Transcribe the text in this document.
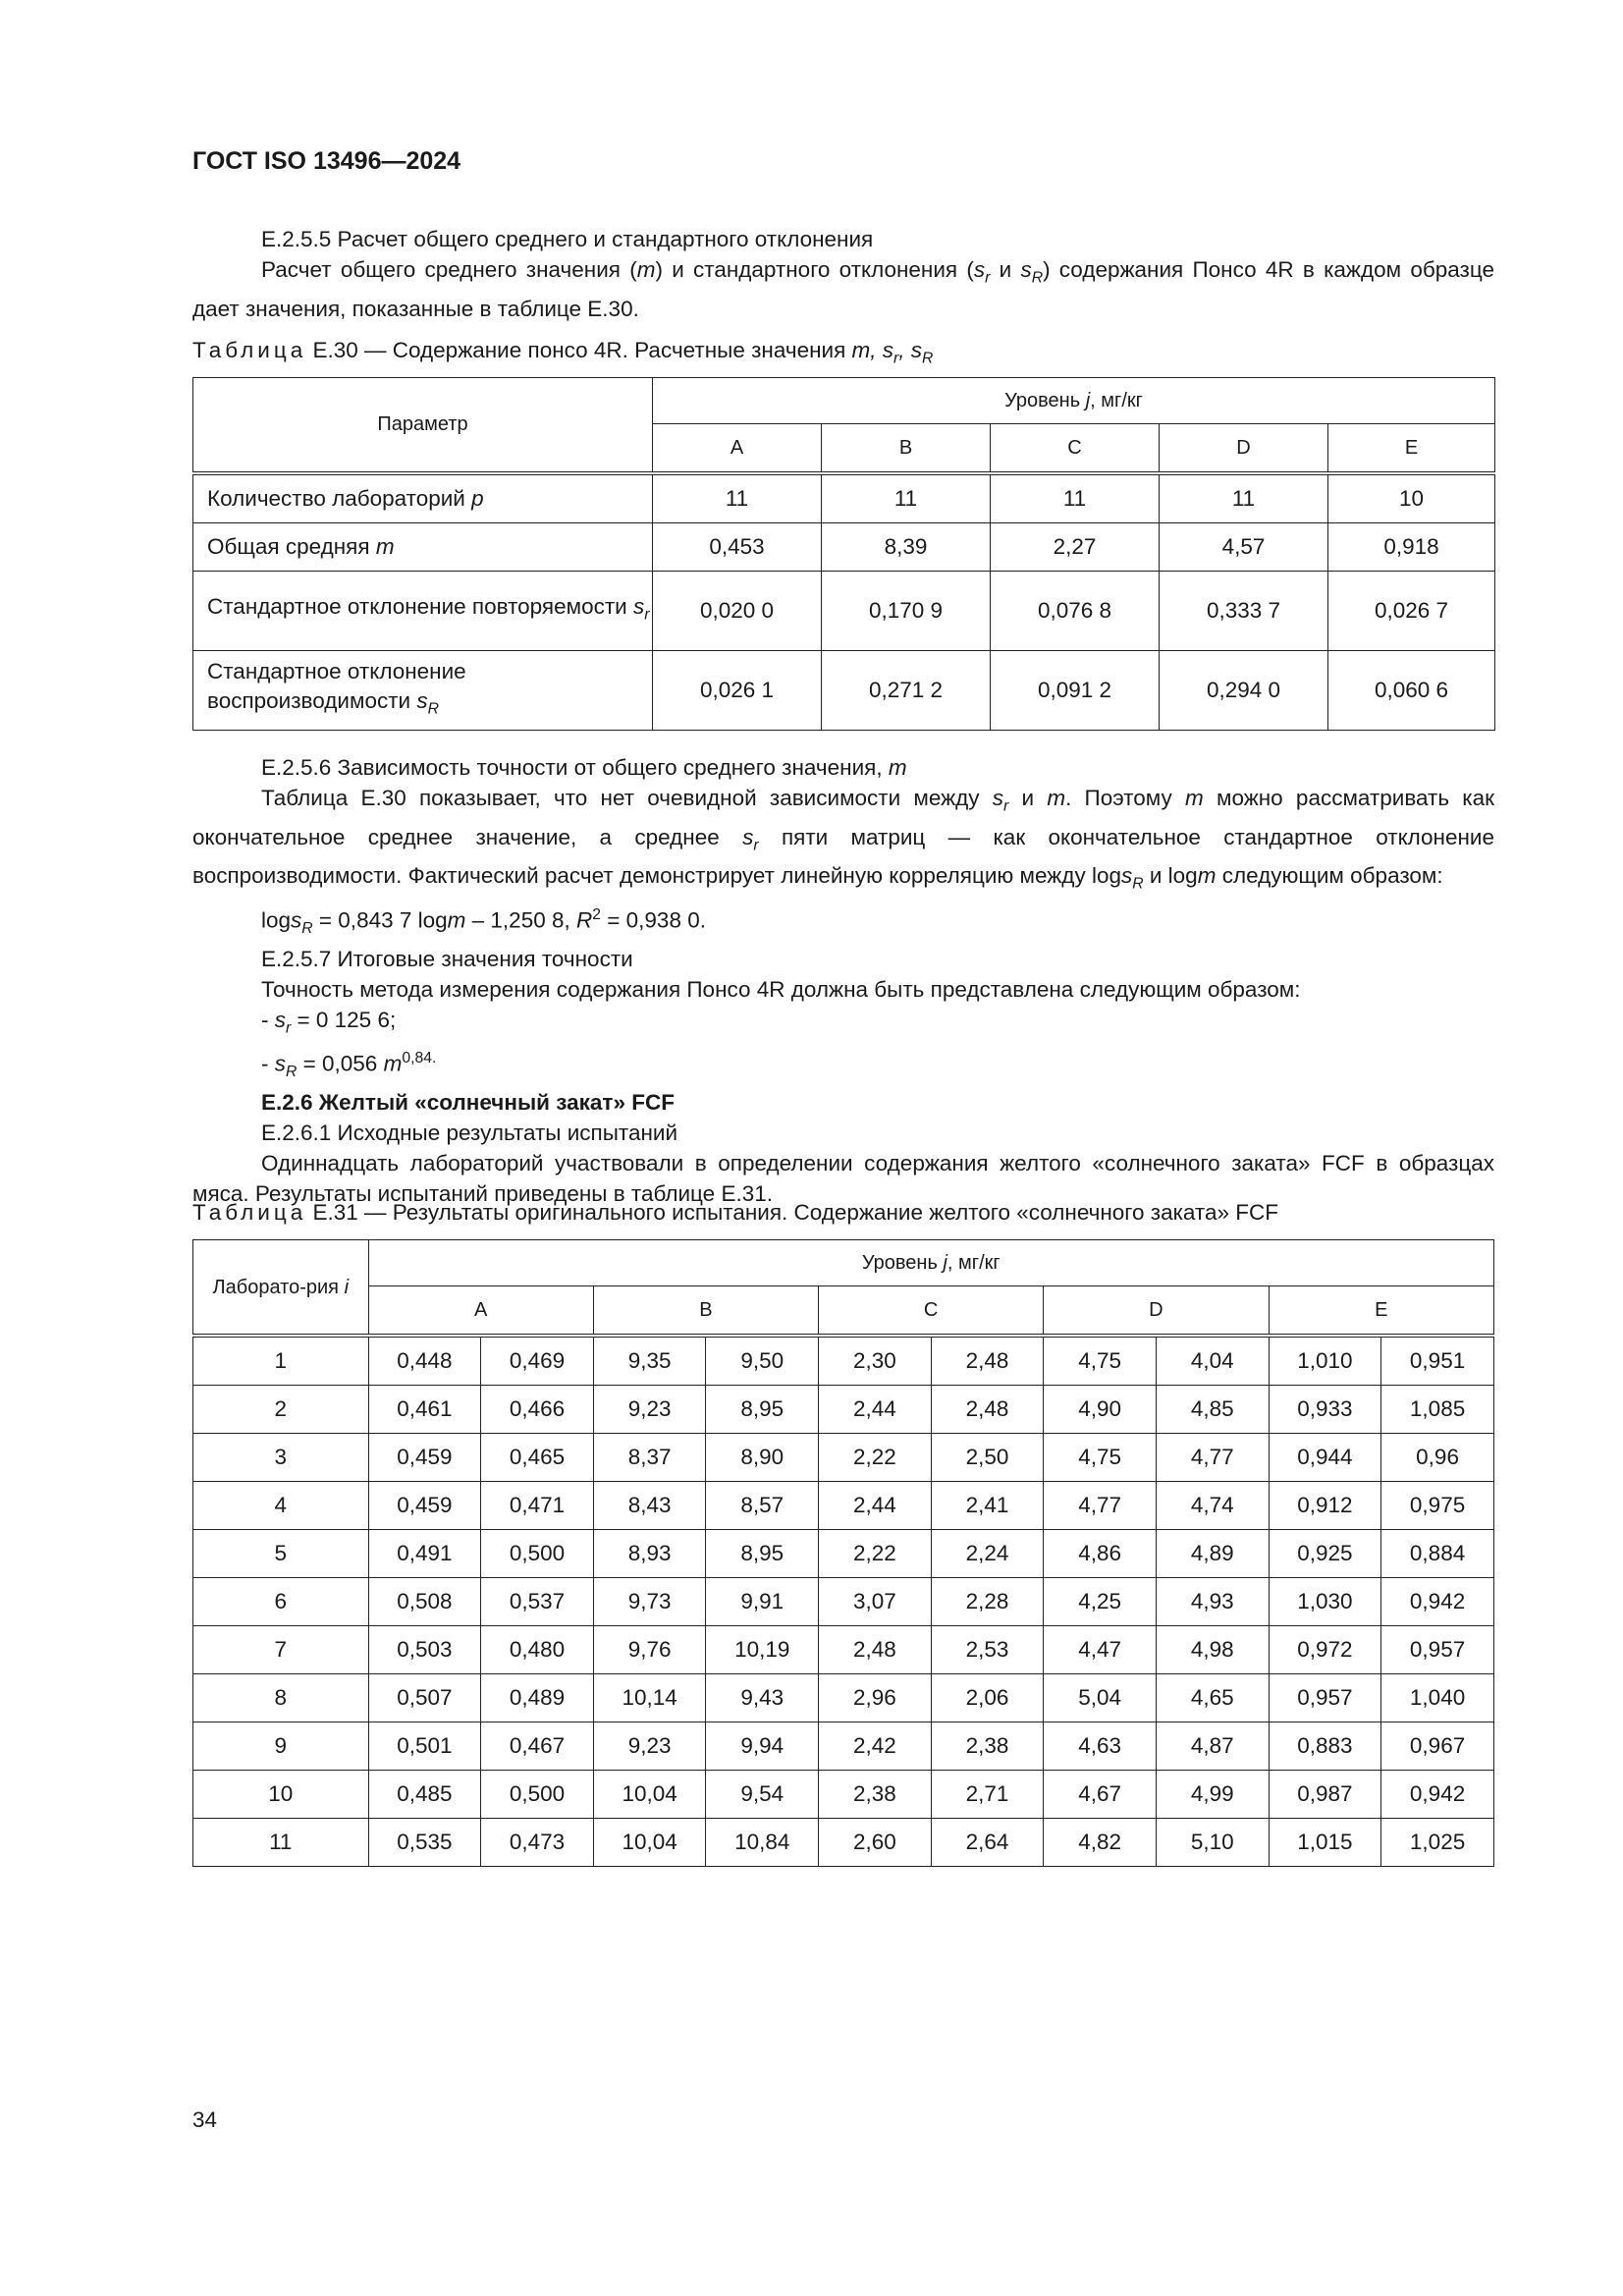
ГОСТ ISO 13496—2024

Е.2.5.5 Расчет общего среднего и стандартного отклонения

Расчет общего среднего значения (m) и стандартного отклонения ($s_r$ и $s_R$) содержания Понсо 4R в каждом образце дает значения, показанные в таблице Е.30.

Таблица Е.30 — Содержание понсо 4R. Расчетные значения m, $s_r$, $s_R$
Параметр	Уровень j, мг/кг				
	A	B	C	D	E
Количество лабораторий p	11	11	11	11	10
Общая средняя m	0,453	8,39	2,27	4,57	0,918
Стандартное отклонение повторяемости $s_r$	0,020 0	0,170 9	0,076 8	0,333 7	0,026 7
Стандартное отклонение воспроизводимости $s_R$	0,026 1	0,271 2	0,091 2	0,294 0	0,060 6

Е.2.5.6 Зависимость точности от общего среднего значения, m

Таблица Е.30 показывает, что нет очевидной зависимости между $s_r$ и m. Поэтому m можно рассматривать как окончательное среднее значение, а среднее $s_r$ пяти матриц — как окончательное стандартное отклонение воспроизводимости. Фактический расчет демонстрирует линейную корреляцию между logs$_R$ и logm следующим образом:

logs$_R$ = 0,843 7 logm – 1,250 8, $R^2 = 0,938$ 0.

Е.2.5.7 Итоговые значения точности

Точность метода измерения содержания Понсо 4R должна быть представлена следующим образом:

- $s_r = 0$ 125 6;

- $s_R = 0,056$ $m^{0,84.}$

Е.2.6 Желтый «солнечный закат» FCF

Е.2.6.1 Исходные результаты испытаний

Одиннадцать лабораторий участвовали в определении содержания желтого «солнечного заката» FCF в образцах мяса. Результаты испытаний приведены в таблице Е.31.

Таблица Е.31 — Результаты оригинального испытания. Содержание желтого «солнечного заката» FCF
Лаборато-рия i	Уровень j, мг/кг									
	A		B		C		D		E	
1	0,448	0,469	9,35	9,50	2,30	2,48	4,75	4,04	1,010	0,951
2	0,461	0,466	9,23	8,95	2,44	2,48	4,90	4,85	0,933	1,085
3	0,459	0,465	8,37	8,90	2,22	2,50	4,75	4,77	0,944	0,96
4	0,459	0,471	8,43	8,57	2,44	2,41	4,77	4,74	0,912	0,975
5	0,491	0,500	8,93	8,95	2,22	2,24	4,86	4,89	0,925	0,884
6	0,508	0,537	9,73	9,91	3,07	2,28	4,25	4,93	1,030	0,942
7	0,503	0,480	9,76	10,19	2,48	2,53	4,47	4,98	0,972	0,957
8	0,507	0,489	10,14	9,43	2,96	2,06	5,04	4,65	0,957	1,040
9	0,501	0,467	9,23	9,94	2,42	2,38	4,63	4,87	0,883	0,967
10	0,485	0,500	10,04	9,54	2,38	2,71	4,67	4,99	0,987	0,942
11	0,535	0,473	10,04	10,84	2,60	2,64	4,82	5,10	1,015	1,025
34
